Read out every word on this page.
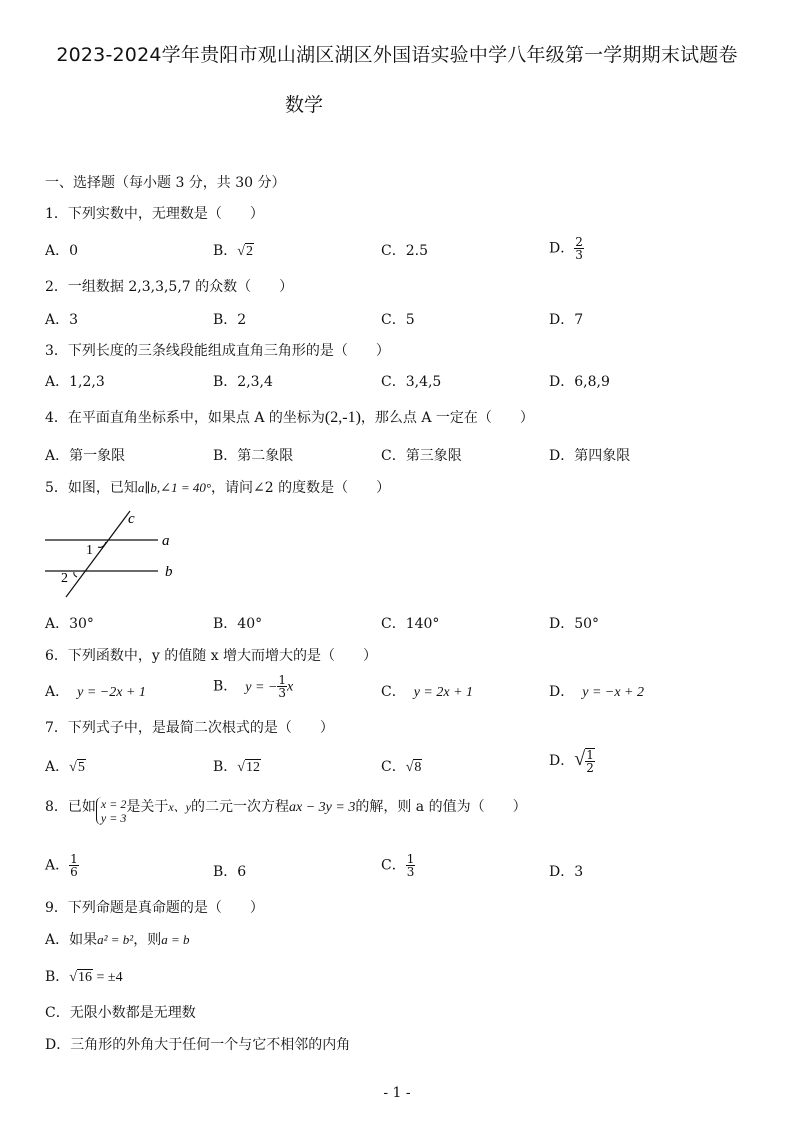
2023-2024学年贵阳市观山湖区湖区外国语实验中学八年级第一学期期末试题卷
数学
一、选择题（每小题 3 分，共 30 分）
1．下列实数中，无理数是（　　）
A．0	B．√2	C．2.5	D． $\frac{2}{3}$
2．一组数据 2,3,3,5,7 的众数（　　）
A．3	B．2	C．5	D．7
3．下列长度的三条线段能组成直角三角形的是（　　）
A．1,2,3	B．2,3,4	C．3,4,5	D．6,8,9
4．在平面直角坐标系中，如果点 A 的坐标为(2,-1)，那么点 A 一定在（　　）
A．第一象限	B．第二象限	C．第三象限	D．第四象限
5．如图，已知a∥b,∠1 = 40°，请问∠2 的度数是（　　）
c
a
b
1
2
A．30°	B．40°	C．140°	D．50°
6．下列函数中，y 的值随 x 增大而增大的是（　　）
A． y = −2x + 1	B． y = − $\frac{1}{3}$ x	C． y = 2x + 1	D． y = −x + 2
7．下列式子中，是最简二次根式的是（　　）
A．√5	B．√12	C．√8	D．√ $\frac{1}{2}$
8．已如 x = 2
y = 3
是关于x、y的二元一次方程ax − 3y = 3的解，则 a 的值为（　　）
A． $\frac{1}{6}$	B．6	C． $\frac{1}{3}$	D．3
9．下列命题是真命题的是（　　）
A．如果a² = b²，则a = b
B．√16 = ±4
C．无限小数都是无理数
D．三角形的外角大于任何一个与它不相邻的内角
- 1 -
